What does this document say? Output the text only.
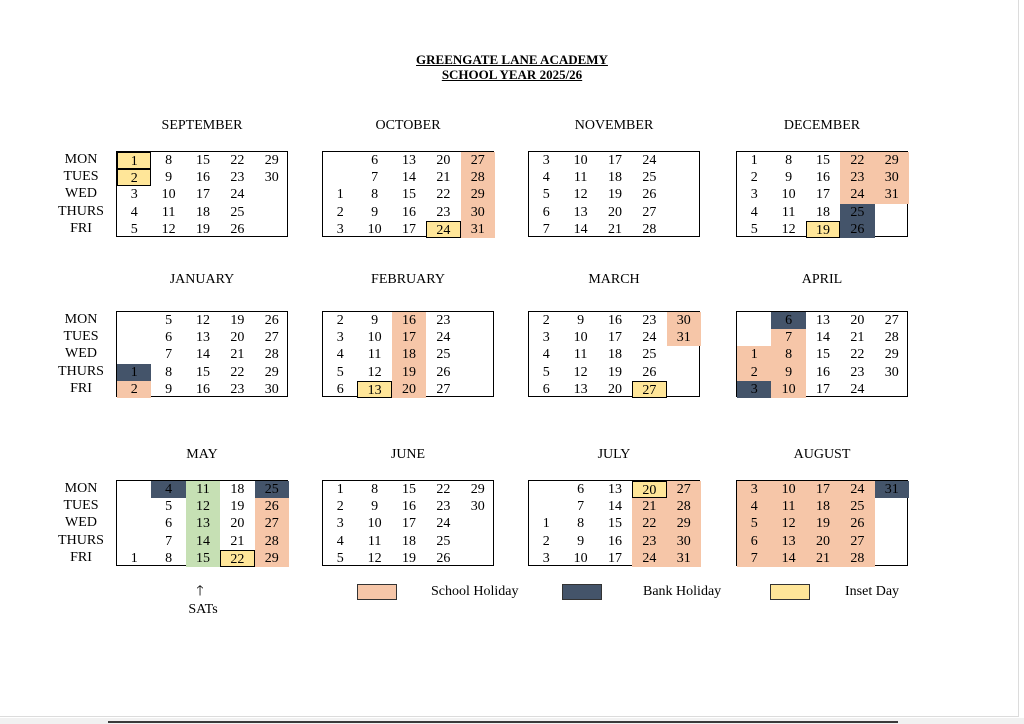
GREENGATE LANE ACADEMY
SCHOOL YEAR 2025/26
MON
TUES
WED
THURS
FRI
MON
TUES
WED
THURS
FRI
MON
TUES
WED
THURS
FRI
SEPTEMBER
1
2
3
4
5
8
9
10
11
12
15
16
17
18
19
22
23
24
25
26
29
30
OCTOBER
1
2
3
6
7
8
9
10
13
14
15
16
17
20
21
22
23
24
27
28
29
30
31
NOVEMBER
3
4
5
6
7
10
11
12
13
14
17
18
19
20
21
24
25
26
27
28
DECEMBER
1
2
3
4
5
8
9
10
11
12
15
16
17
18
19
22
23
24
25
26
29
30
31
JANUARY
1
2
5
6
7
8
9
12
13
14
15
16
19
20
21
22
23
26
27
28
29
30
FEBRUARY
2
3
4
5
6
9
10
11
12
13
16
17
18
19
20
23
24
25
26
27
MARCH
2
3
4
5
6
9
10
11
12
13
16
17
18
19
20
23
24
25
26
27
30
31
APRIL
1
2
3
6
7
8
9
10
13
14
15
16
17
20
21
22
23
24
27
28
29
30
MAY
1
4
5
6
7
8
11
12
13
14
15
18
19
20
21
22
25
26
27
28
29
JUNE
1
2
3
4
5
8
9
10
11
12
15
16
17
18
19
22
23
24
25
26
29
30
JULY
1
2
3
6
7
8
9
10
13
14
15
16
17
20
21
22
23
24
27
28
29
30
31
AUGUST
3
4
5
6
7
10
11
12
13
14
17
18
19
20
21
24
25
26
27
28
31
School Holiday	Bank Holiday	Inset Day
🡑
SATs
